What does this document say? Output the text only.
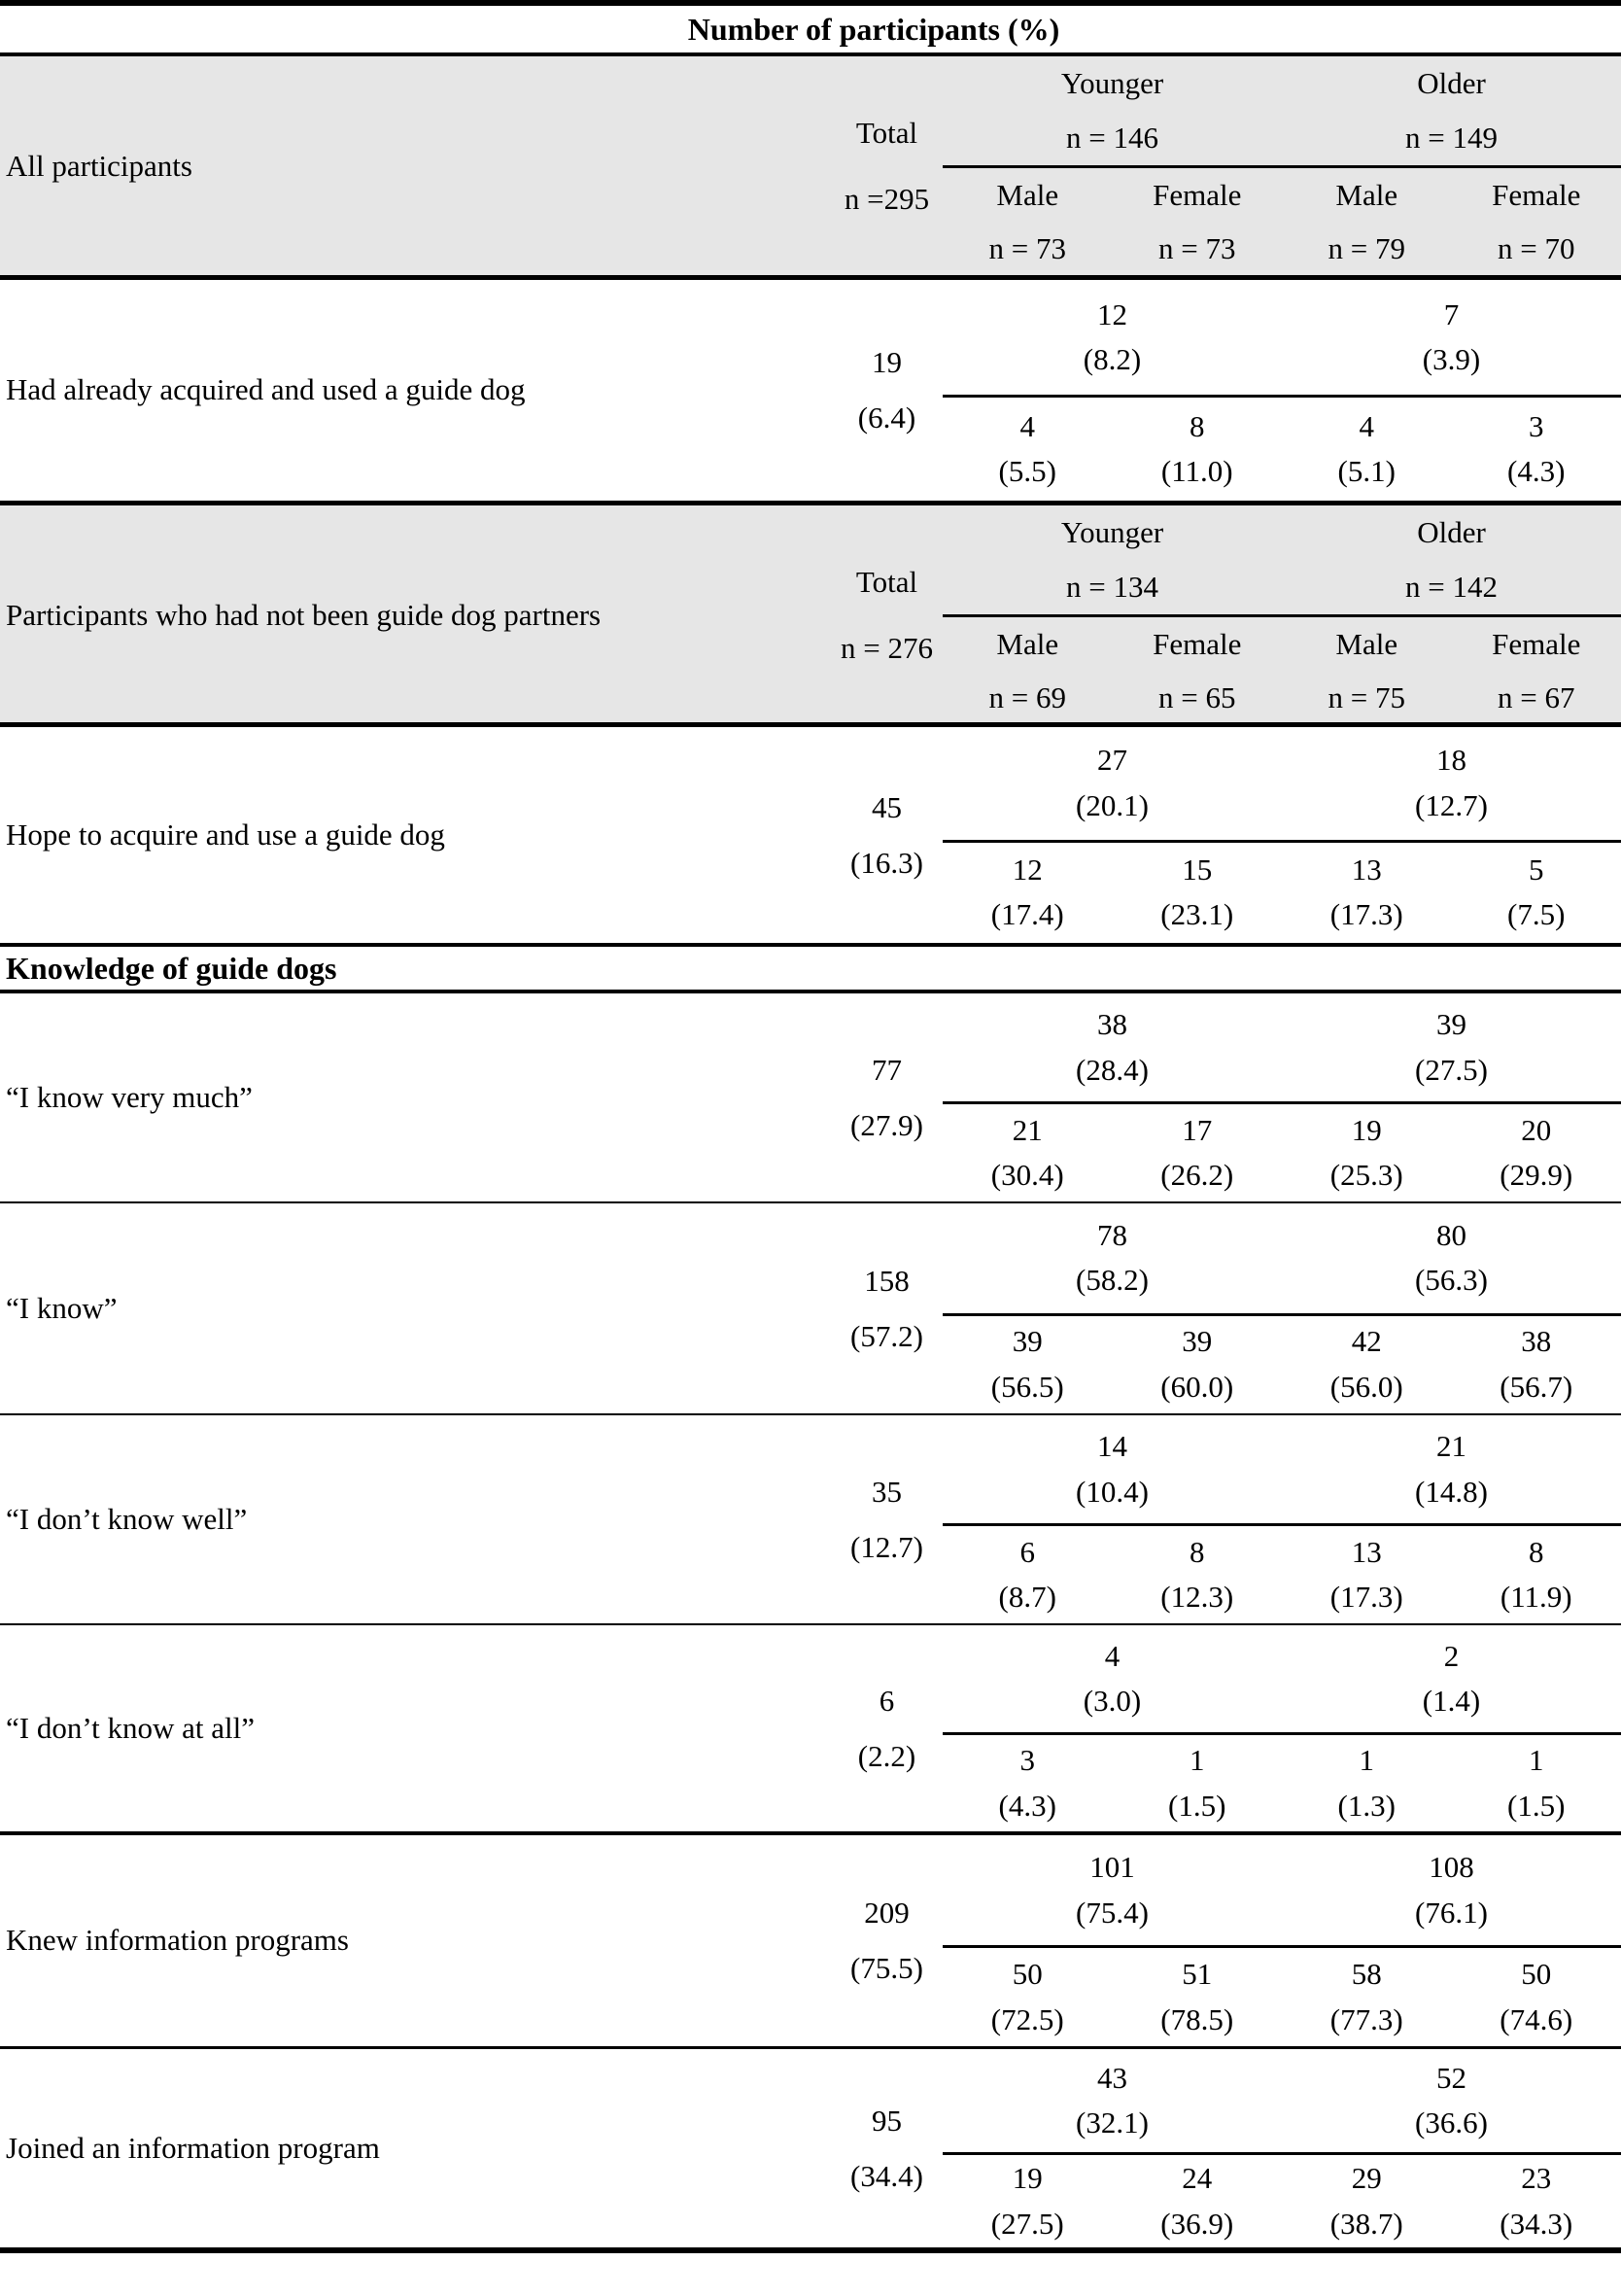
Number of participants (%)
All participants
Total
n =295
Younger
n = 146
Older
n = 149
Male
n = 73
Female
n = 73
Male
n = 79
Female
n = 70
Had already acquired and used a guide dog
19
(6.4)
12
(8.2)
7
(3.9)
4
(5.5)
8
(11.0)
4
(5.1)
3
(4.3)
Participants who had not been guide dog partners
Total
n = 276
Younger
n = 134
Older
n = 142
Male
n = 69
Female
n = 65
Male
n = 75
Female
n = 67
Hope to acquire and use a guide dog
45
(16.3)
27
(20.1)
18
(12.7)
12
(17.4)
15
(23.1)
13
(17.3)
5
(7.5)
Knowledge of guide dogs
“I know very much”
77
(27.9)
38
(28.4)
39
(27.5)
21
(30.4)
17
(26.2)
19
(25.3)
20
(29.9)
“I know”
158
(57.2)
78
(58.2)
80
(56.3)
39
(56.5)
39
(60.0)
42
(56.0)
38
(56.7)
“I don’t know well”
35
(12.7)
14
(10.4)
21
(14.8)
6
(8.7)
8
(12.3)
13
(17.3)
8
(11.9)
“I don’t know at all”
6
(2.2)
4
(3.0)
2
(1.4)
3
(4.3)
1
(1.5)
1
(1.3)
1
(1.5)
Knew information programs
209
(75.5)
101
(75.4)
108
(76.1)
50
(72.5)
51
(78.5)
58
(77.3)
50
(74.6)
Joined an information program
95
(34.4)
43
(32.1)
52
(36.6)
19
(27.5)
24
(36.9)
29
(38.7)
23
(34.3)
